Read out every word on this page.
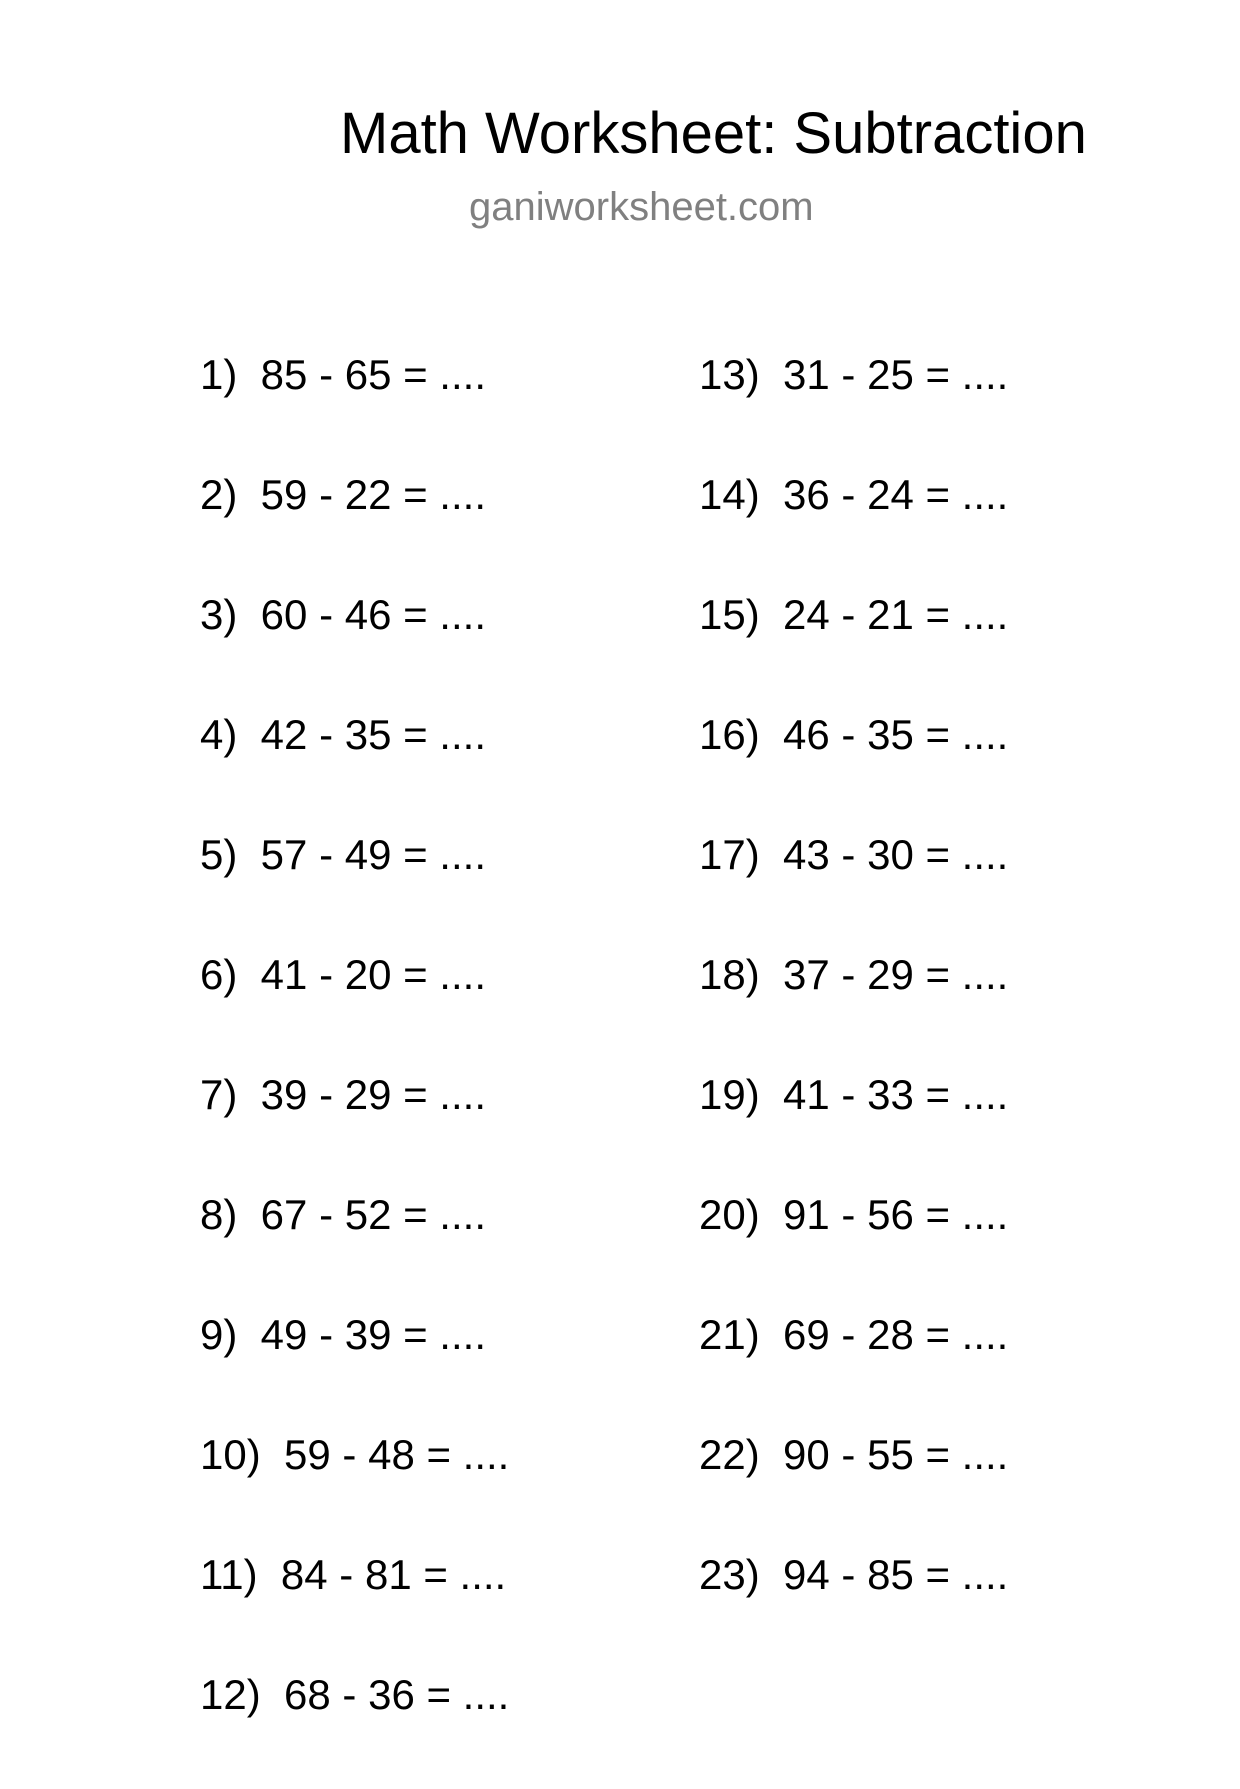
Math Worksheet: Subtraction
ganiworksheet.com
1)  85 - 65 = ....
2)  59 - 22 = ....
3)  60 - 46 = ....
4)  42 - 35 = ....
5)  57 - 49 = ....
6)  41 - 20 = ....
7)  39 - 29 = ....
8)  67 - 52 = ....
9)  49 - 39 = ....
10)  59 - 48 = ....
11)  84 - 81 = ....
12)  68 - 36 = ....
13)  31 - 25 = ....
14)  36 - 24 = ....
15)  24 - 21 = ....
16)  46 - 35 = ....
17)  43 - 30 = ....
18)  37 - 29 = ....
19)  41 - 33 = ....
20)  91 - 56 = ....
21)  69 - 28 = ....
22)  90 - 55 = ....
23)  94 - 85 = ....
